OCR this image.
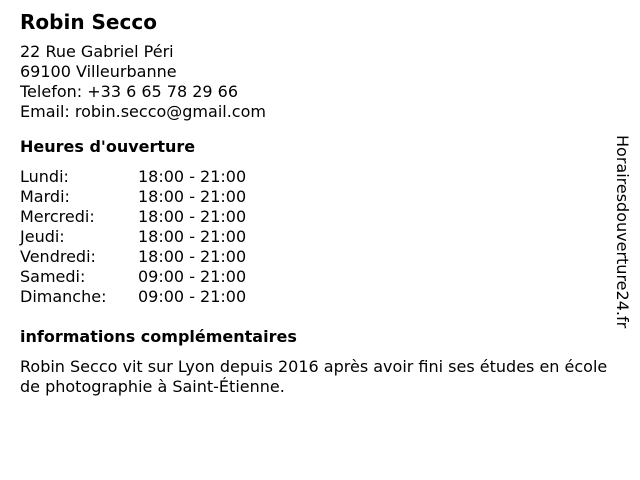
Robin Secco
22 Rue Gabriel Péri
69100 Villeurbanne
Telefon: +33 6 65 78 29 66
Email: robin.secco@gmail.com
Heures d'ouverture
Lundi:	18:00 - 21:00
Mardi:	18:00 - 21:00
Mercredi:	18:00 - 21:00
Jeudi:	18:00 - 21:00
Vendredi:	18:00 - 21:00
Samedi:	09:00 - 21:00
Dimanche:	09:00 - 21:00
informations complémentaires
Robin Secco vit sur Lyon depuis 2016 après avoir fini ses études en école de photographie à Saint-Étienne.
Horairesdouverture24.fr
